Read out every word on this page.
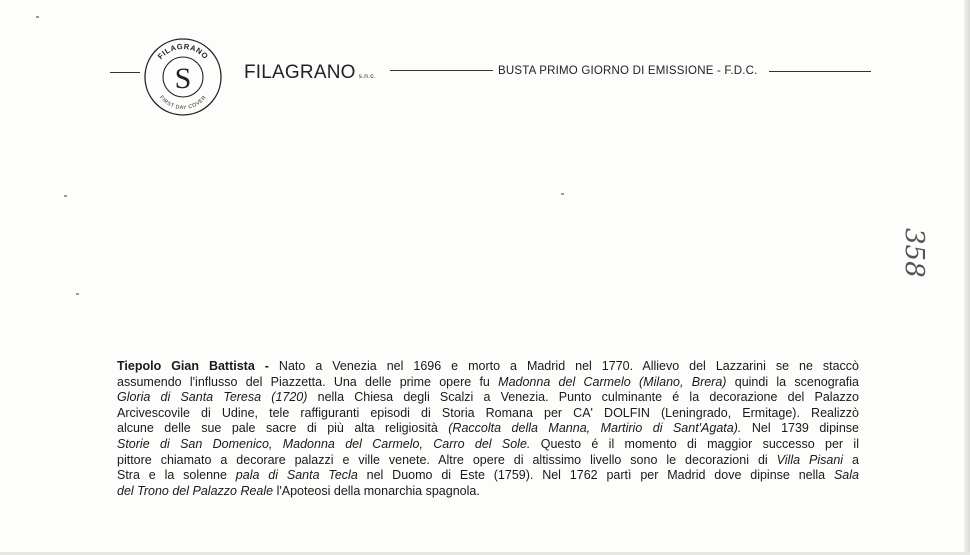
S
FILAGRANO
FIRST DAY COVER
FILAGRANO s.n.c.	BUSTA PRIMO GIORNO DI EMISSIONE - F.D.C.
358
Tiepolo Gian Battista - Nato a Venezia nel 1696 e morto a Madrid nel 1770. Allievo del Lazzarini se ne staccò
assumendo l'influsso del Piazzetta. Una delle prime opere fu Madonna del Carmelo (Milano, Brera) quindi la scenografia
Gloria di Santa Teresa (1720) nella Chiesa degli Scalzi a Venezia. Punto culminante é la decorazione del Palazzo
Arcivescovile di Udine, tele raffiguranti episodi di Storia Romana per CA' DOLFIN (Leningrado, Ermitage). Realizzò
alcune delle sue pale sacre di più alta religiosità (Raccolta della Manna, Martirio di Sant'Agata). Nel 1739 dipinse
Storie di San Domenico, Madonna del Carmelo, Carro del Sole. Questo é il momento di maggior successo per il
pittore chiamato a decorare palazzi e ville venete. Altre opere di altissimo livello sono le decorazioni di Villa Pisani a
Stra e la solenne pala di Santa Tecla nel Duomo di Este (1759). Nel 1762 partì per Madrid dove dipinse nella Sala
del Trono del Palazzo Reale l'Apoteosi della monarchia spagnola.
